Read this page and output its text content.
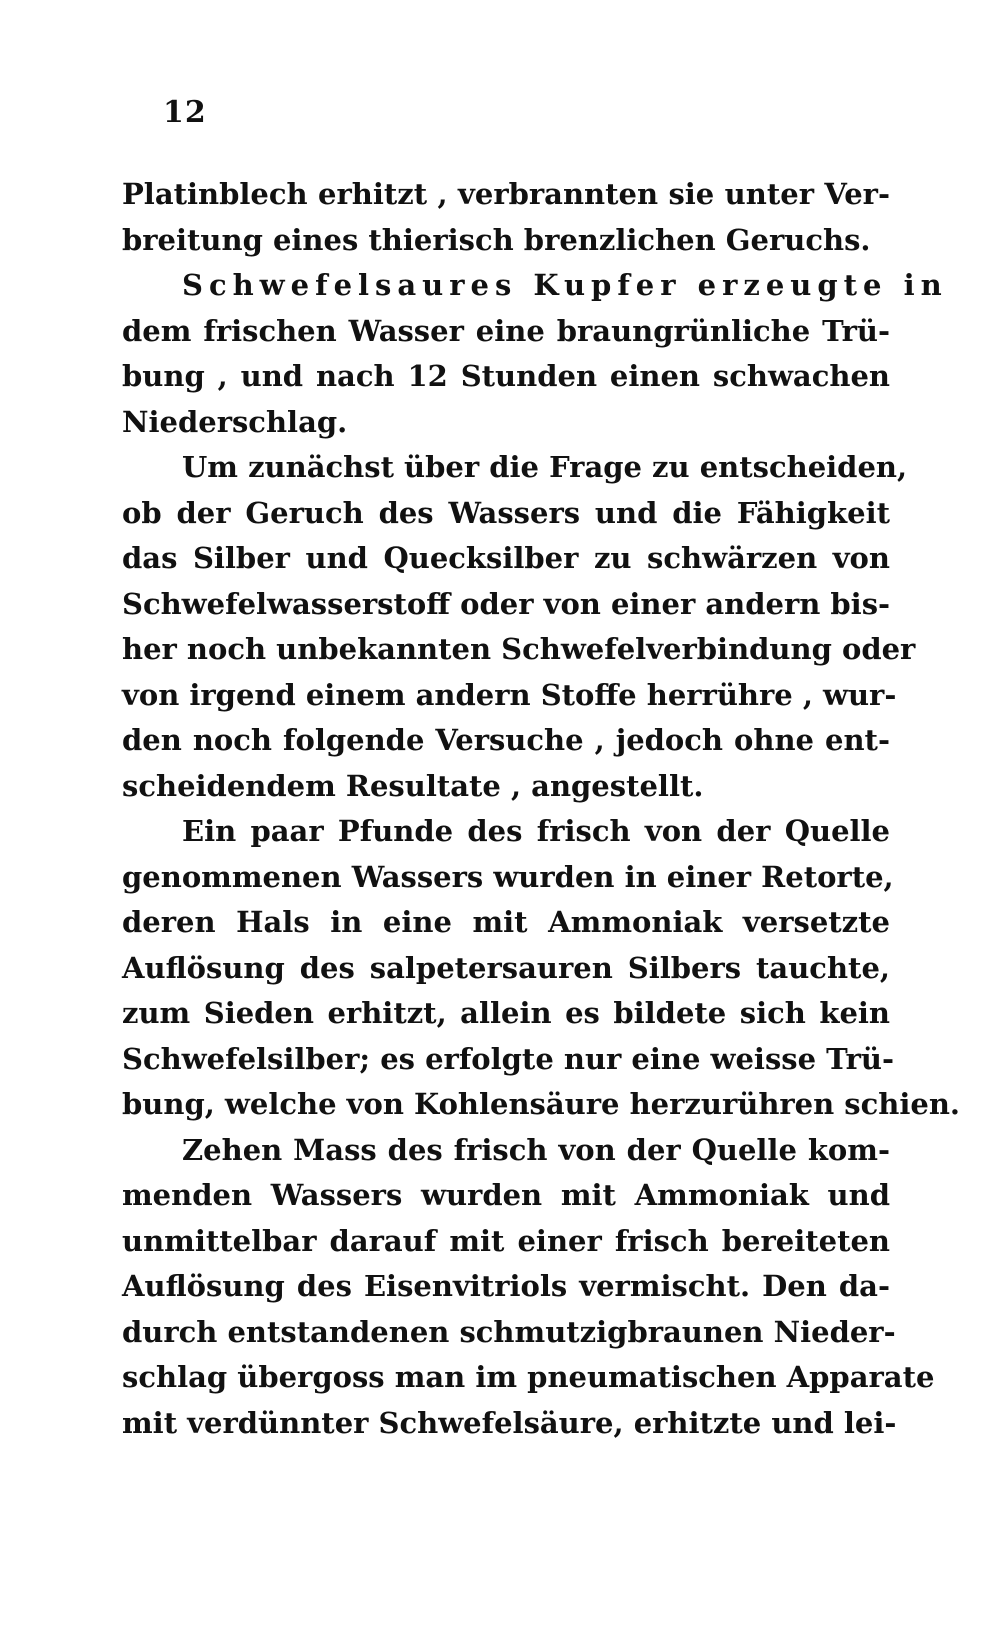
12
Platinblech erhitzt , verbrannten sie unter Ver-
breitung eines thierisch brenzlichen Geruchs.
Schwefelsaures Kupfer erzeugte in
dem frischen Wasser eine braungrünliche Trü-
bung , und nach 12 Stunden einen schwachen
Niederschlag.
Um zunächst über die Frage zu entscheiden,
ob der Geruch des Wassers und die Fähigkeit
das Silber und Quecksilber zu schwärzen von
Schwefelwasserstoff oder von einer andern bis-
her noch unbekannten Schwefelverbindung oder
von irgend einem andern Stoffe herrühre , wur-
den noch folgende Versuche , jedoch ohne ent-
scheidendem Resultate , angestellt.
Ein paar Pfunde des frisch von der Quelle
genommenen Wassers wurden in einer Retorte,
deren Hals in eine mit Ammoniak versetzte
Auflösung des salpetersauren Silbers tauchte,
zum Sieden erhitzt, allein es bildete sich kein
Schwefelsilber; es erfolgte nur eine weisse Trü-
bung, welche von Kohlensäure herzurühren schien.
Zehen Mass des frisch von der Quelle kom-
menden Wassers wurden mit Ammoniak und
unmittelbar darauf mit einer frisch bereiteten
Auflösung des Eisenvitriols vermischt. Den da-
durch entstandenen schmutzigbraunen Nieder-
schlag übergoss man im pneumatischen Apparate
mit verdünnter Schwefelsäure, erhitzte und lei-
